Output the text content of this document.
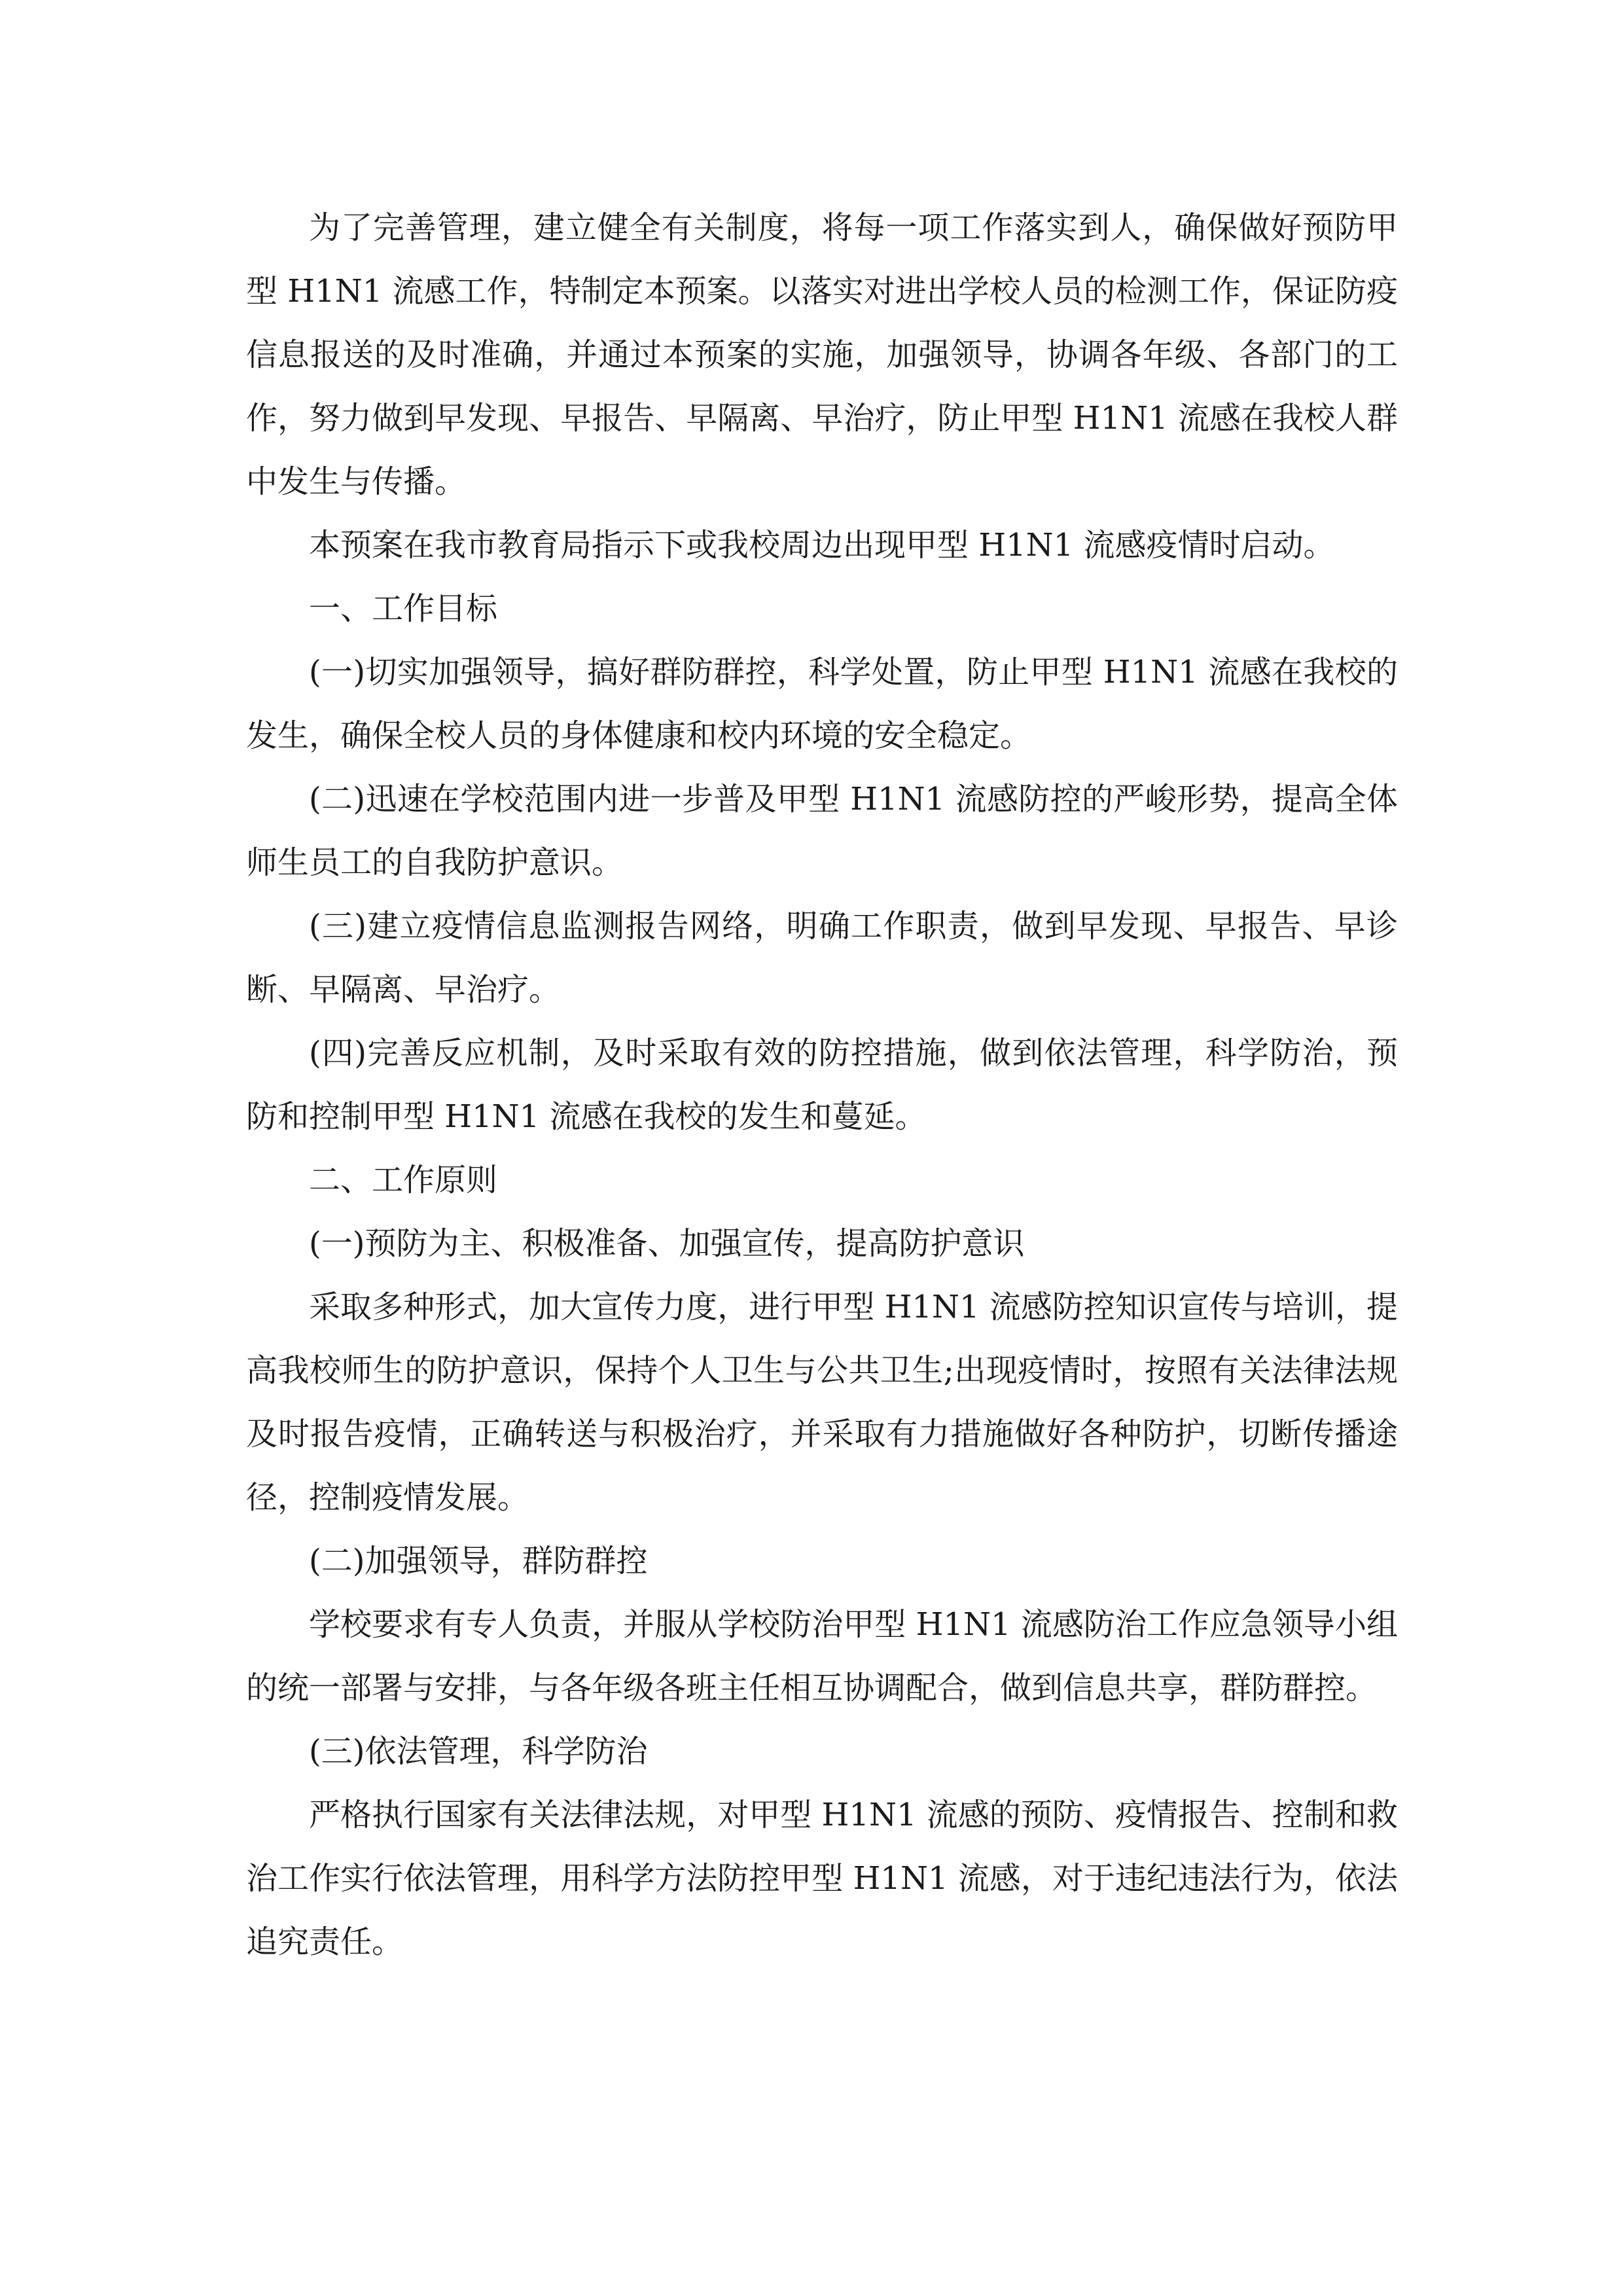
为了完善管理，建立健全有关制度，将每一项工作落实到人，确保做好预防甲型 H1N1 流感工作，特制定本预案。以落实对进出学校人员的检测工作，保证防疫信息报送的及时准确，并通过本预案的实施，加强领导，协调各年级、各部门的工作，努力做到早发现、早报告、早隔离、早治疗，防止甲型 H1N1 流感在我校人群中发生与传播。

本预案在我市教育局指示下或我校周边出现甲型 H1N1 流感疫情时启动。

一、工作目标

(一)切实加强领导，搞好群防群控，科学处置，防止甲型 H1N1 流感在我校的发生，确保全校人员的身体健康和校内环境的安全稳定。

(二)迅速在学校范围内进一步普及甲型 H1N1 流感防控的严峻形势，提高全体师生员工的自我防护意识。

(三)建立疫情信息监测报告网络，明确工作职责，做到早发现、早报告、早诊断、早隔离、早治疗。

(四)完善反应机制，及时采取有效的防控措施，做到依法管理，科学防治，预防和控制甲型 H1N1 流感在我校的发生和蔓延。

二、工作原则

(一)预防为主、积极准备、加强宣传，提高防护意识

采取多种形式，加大宣传力度，进行甲型 H1N1 流感防控知识宣传与培训，提高我校师生的防护意识，保持个人卫生与公共卫生;出现疫情时，按照有关法律法规及时报告疫情，正确转送与积极治疗，并采取有力措施做好各种防护，切断传播途径，控制疫情发展。

(二)加强领导，群防群控

学校要求有专人负责，并服从学校防治甲型 H1N1 流感防治工作应急领导小组的统一部署与安排，与各年级各班主任相互协调配合，做到信息共享，群防群控。

(三)依法管理，科学防治

严格执行国家有关法律法规，对甲型 H1N1 流感的预防、疫情报告、控制和救治工作实行依法管理，用科学方法防控甲型 H1N1 流感，对于违纪违法行为，依法追究责任。
